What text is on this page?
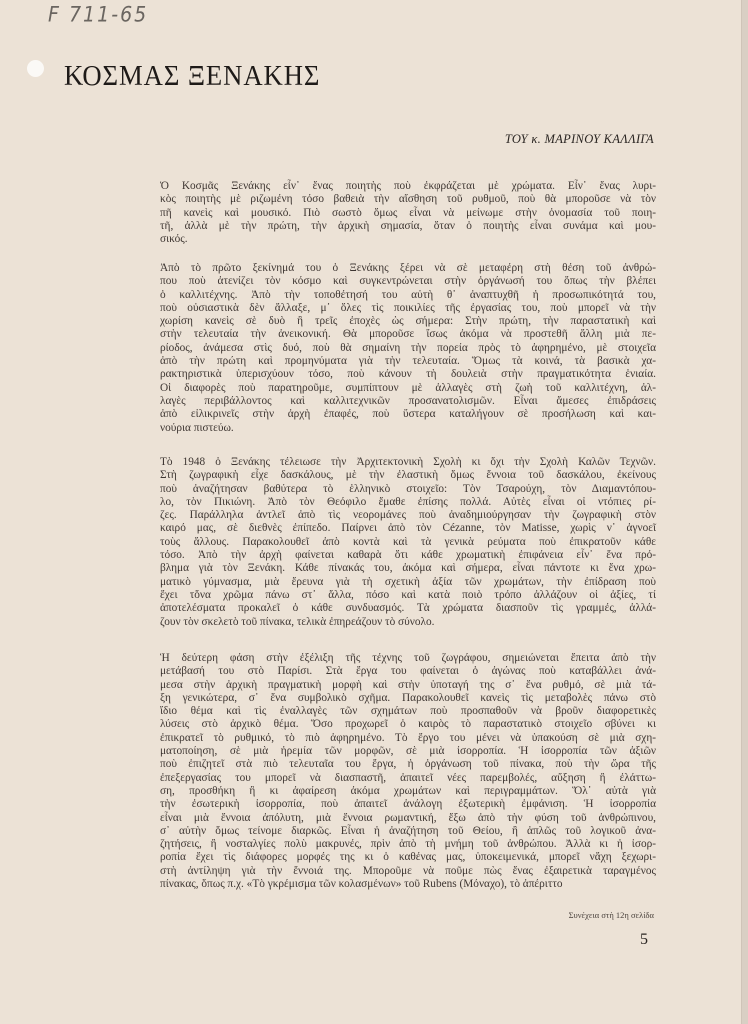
F 711-65
ΚΟΣΜΑΣ ΞΕΝΑΚΗΣ
ΤΟΥ κ. ΜΑΡΙΝΟΥ ΚΑΛΛΙΓΑ
Ὁ Κοσμᾶς Ξενάκης εἶν᾿ ἕνας ποιητὴς ποὺ ἐκφράζεται μὲ χρώματα. Εἶν᾿ ἕνας λυρι-
κὸς ποιητὴς μὲ ριζωμένη τόσο βαθειὰ τὴν αἴσθηση τοῦ ρυθμοῦ, ποὺ θὰ μποροῦσε νὰ τὸν
πῆ κανεὶς καὶ μουσικό. Πιὸ σωστὸ ὅμως εἶναι νὰ μείνωμε στὴν ὀνομασία τοῦ ποιη-
τῆ, ἀλλὰ μὲ τὴν πρώτη, τὴν ἀρχικὴ σημασία, ὅταν ὁ ποιητὴς εἶναι συνάμα καὶ μου-
σικός.
Ἀπὸ τὸ πρῶτο ξεκίνημά του ὁ Ξενάκης ξέρει νὰ σὲ μεταφέρη στὴ θέση τοῦ ἀνθρώ-
που ποὺ ἀτενίζει τὸν κόσμο καὶ συγκεντρώνεται στὴν ὀργάνωσή του ὅπως τὴν βλέπει
ὁ καλλιτέχνης. Ἀπὸ τὴν τοποθέτησή του αὐτὴ θ᾿ ἀναπτυχθῆ ἡ προσωπικότητά του,
ποὺ οὐσιαστικὰ δὲν ἄλλαξε, μ᾿ ὅλες τὶς ποικιλίες τῆς ἐργασίας του, ποὺ μπορεῖ νὰ τὴν
χωρίση κανεὶς σὲ δυὸ ἢ τρεῖς ἐποχὲς ὡς σήμερα: Στὴν πρώτη, τὴν παραστατικὴ καὶ
στὴν τελευταία τὴν ἀνεικονική. Θὰ μποροῦσε ἴσως ἀκόμα νὰ προστεθῆ ἄλλη μιὰ πε-
ρίοδος, ἀνάμεσα στὶς δυό, ποὺ θὰ σημαίνη τὴν πορεία πρὸς τὸ ἀφηρημένο, μὲ στοιχεῖα
ἀπὸ τὴν πρώτη καὶ προμηνύματα γιὰ τὴν τελευταία. Ὅμως τὰ κοινά, τὰ βασικὰ χα-
ρακτηριστικὰ ὑπερισχύουν τόσο, ποὺ κάνουν τὴ δουλειὰ στὴν πραγματικότητα ἑνιαία.
Οἱ διαφορὲς ποὺ παρατηροῦμε, συμπίπτουν μὲ ἀλλαγὲς στὴ ζωὴ τοῦ καλλιτέχνη, ἀλ-
λαγὲς περιβάλλοντος καὶ καλλιτεχνικῶν προσανατολισμῶν. Εἶναι ἄμεσες ἐπιδράσεις
ἀπὸ εἰλικρινεῖς στὴν ἀρχὴ ἐπαφές, ποὺ ὕστερα καταλήγουν σὲ προσήλωση καὶ και-
νούρια πιστεύω.
Τὸ 1948 ὁ Ξενάκης τέλειωσε τὴν Ἀρχιτεκτονικὴ Σχολὴ κι ὄχι τὴν Σχολὴ Καλῶν Τεχνῶν.
Στὴ ζωγραφικὴ εἶχε δασκάλους, μὲ τὴν ἐλαστικὴ ὅμως ἔννοια τοῦ δασκάλου, ἐκείνους
ποὺ ἀναζήτησαν βαθύτερα τὸ ἑλληνικὸ στοιχεῖο: Τὸν Τσαρούχη, τὸν Διαμαντόπου-
λο, τὸν Πικιώνη. Ἀπὸ τὸν Θεόφιλο ἔμαθε ἐπίσης πολλά. Αὐτὲς εἶναι οἱ ντόπιες ρί-
ζες. Παράλληλα ἀντλεῖ ἀπὸ τὶς νεορομάνες ποὺ ἀναδημιούργησαν τὴν ζωγραφικὴ στὸν
καιρό μας, σὲ διεθνὲς ἐπίπεδο. Παίρνει ἀπὸ τὸν Cézanne, τὸν Matisse, χωρὶς ν᾿ ἀγνοεῖ
τοὺς ἄλλους. Παρακολουθεῖ ἀπὸ κοντὰ καὶ τὰ γενικὰ ρεύματα ποὺ ἐπικρατοῦν κάθε
τόσο. Ἀπὸ τὴν ἀρχὴ φαίνεται καθαρὰ ὅτι κάθε χρωματικὴ ἐπιφάνεια εἶν᾿ ἕνα πρό-
βλημα γιὰ τὸν Ξενάκη. Κάθε πίνακάς του, ἀκόμα καὶ σήμερα, εἶναι πάντοτε κι ἕνα χρω-
ματικὸ γύμνασμα, μιὰ ἔρευνα γιὰ τὴ σχετικὴ ἀξία τῶν χρωμάτων, τὴν ἐπίδραση ποὺ
ἔχει τὄνα χρῶμα πάνω στ᾿ ἄλλα, πόσο καὶ κατὰ ποιὸ τρόπο ἀλλάζουν οἱ ἀξίες, τί
ἀποτελέσματα προκαλεῖ ὁ κάθε συνδυασμός. Τὰ χρώματα διασποῦν τὶς γραμμές, ἀλλά-
ζουν τὸν σκελετὸ τοῦ πίνακα, τελικὰ ἐπηρεάζουν τὸ σύνολο.
Ἡ δεύτερη φάση στὴν ἐξέλιξη τῆς τέχνης τοῦ ζωγράφου, σημειώνεται ἔπειτα ἀπὸ τὴν
μετάβασή του στὸ Παρίσι. Στὰ ἔργα του φαίνεται ὁ ἀγώνας ποὺ καταβάλλει ἀνά-
μεσα στὴν ἀρχικὴ πραγματικὴ μορφὴ καὶ στὴν ὑποταγή της σ᾿ ἕνα ρυθμό, σὲ μιὰ τά-
ξη γενικώτερα, σ᾿ ἕνα συμβολικὸ σχῆμα. Παρακολουθεῖ κανεὶς τὶς μεταβολὲς πάνω στὸ
ἴδιο θέμα καὶ τὶς ἐναλλαγὲς τῶν σχημάτων ποὺ προσπαθοῦν νὰ βροῦν διαφορετικὲς
λύσεις στὸ ἀρχικὸ θέμα. Ὅσο προχωρεῖ ὁ καιρὸς τὸ παραστατικὸ στοιχεῖο σβύνει κι
ἐπικρατεῖ τὸ ρυθμικό, τὸ πιὸ ἀφηρημένο. Τὸ ἔργο του μένει νὰ ὑπακούση σὲ μιὰ σχη-
ματοποίηση, σὲ μιὰ ἠρεμία τῶν μορφῶν, σὲ μιὰ ἰσορροπία. Ἡ ἰσορροπία τῶν ἀξιῶν
ποὺ ἐπιζητεῖ στὰ πιὸ τελευταῖα του ἔργα, ἡ ὀργάνωση τοῦ πίνακα, ποὺ τὴν ὥρα τῆς
ἐπεξεργασίας του μπορεῖ νὰ διασπαστῆ, ἀπαιτεῖ νέες παρεμβολές, αὔξηση ἢ ἐλάττω-
ση, προσθήκη ἢ κι ἀφαίρεση ἀκόμα χρωμάτων καὶ περιγραμμάτων. Ὅλ᾿ αὐτὰ γιὰ
τὴν ἐσωτερικὴ ἰσορροπία, ποὺ ἀπαιτεῖ ἀνάλογη ἐξωτερικὴ ἐμφάνιση. Ἡ ἰσορροπία
εἶναι μιὰ ἔννοια ἀπόλυτη, μιὰ ἔννοια ρωμαντική, ἔξω ἀπὸ τὴν φύση τοῦ ἀνθρώπινου,
σ᾿ αὐτὴν ὅμως τείνομε διαρκῶς. Εἶναι ἡ ἀναζήτηση τοῦ Θείου, ἢ ἁπλῶς τοῦ λογικοῦ ἀνα-
ζητήσεις, ἢ νοσταλγίες πολὺ μακρυνές, πρὶν ἀπὸ τὴ μνήμη τοῦ ἀνθρώπου. Ἀλλὰ κι ἡ ἰσορ-
ροπία ἔχει τὶς διάφορες μορφές της κι ὁ καθένας μας, ὑποκειμενικά, μπορεῖ νἄχη ξεχωρι-
στὴ ἀντίληψη γιὰ τὴν ἔννοιά της. Μποροῦμε νὰ ποῦμε πὼς ἕνας ἐξαιρετικὰ ταραγμένος
πίνακας, ὅπως π.χ. «Τὸ γκρέμισμα τῶν κολασμένων» τοῦ Rubens (Μόναχο), τὸ ἀπέριττο
Συνέχεια στὴ 12η σελίδα
5
